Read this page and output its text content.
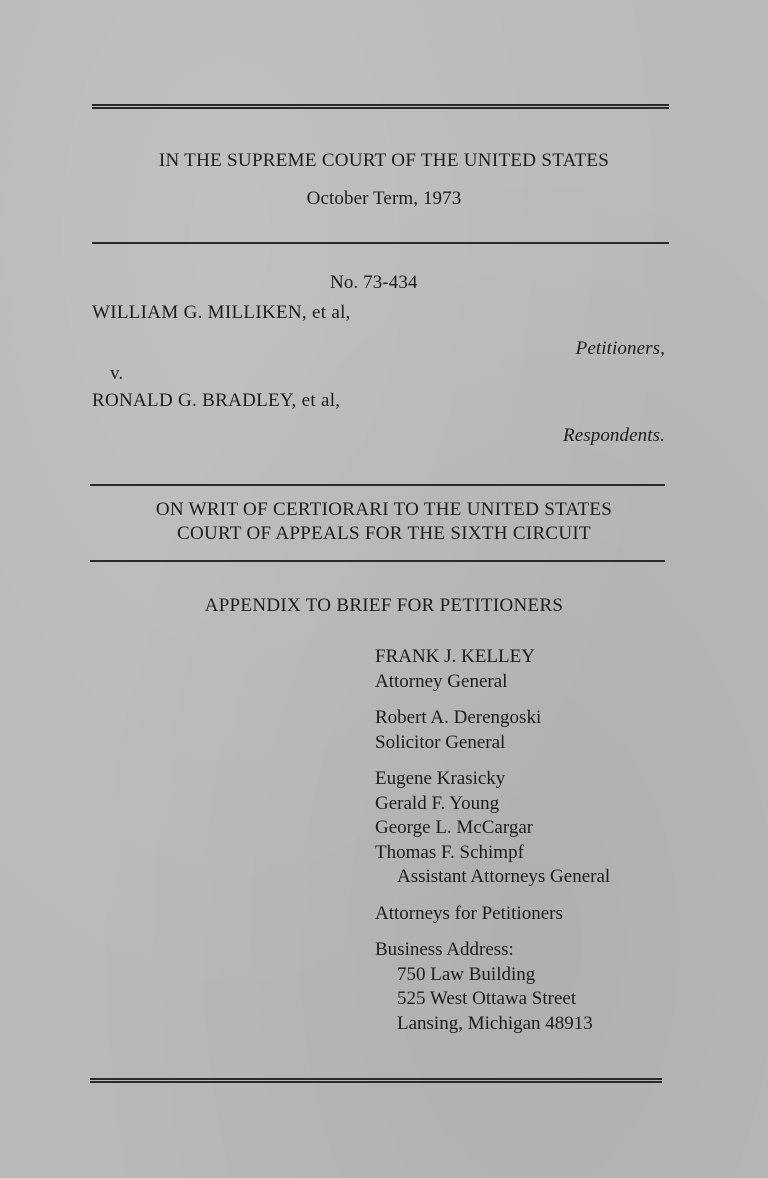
IN THE SUPREME COURT OF THE UNITED STATES
October Term, 1973
No. 73-434
WILLIAM G. MILLIKEN, et al,
Petitioners,
v.
RONALD G. BRADLEY, et al,
Respondents.
ON WRIT OF CERTIORARI TO THE UNITED STATES
COURT OF APPEALS FOR THE SIXTH CIRCUIT
APPENDIX TO BRIEF FOR PETITIONERS
FRANK J. KELLEY
Attorney General
Robert A. Derengoski
Solicitor General
Eugene Krasicky
Gerald F. Young
George L. McCargar
Thomas F. Schimpf
Assistant Attorneys General
Attorneys for Petitioners
Business Address:
750 Law Building
525 West Ottawa Street
Lansing, Michigan 48913
